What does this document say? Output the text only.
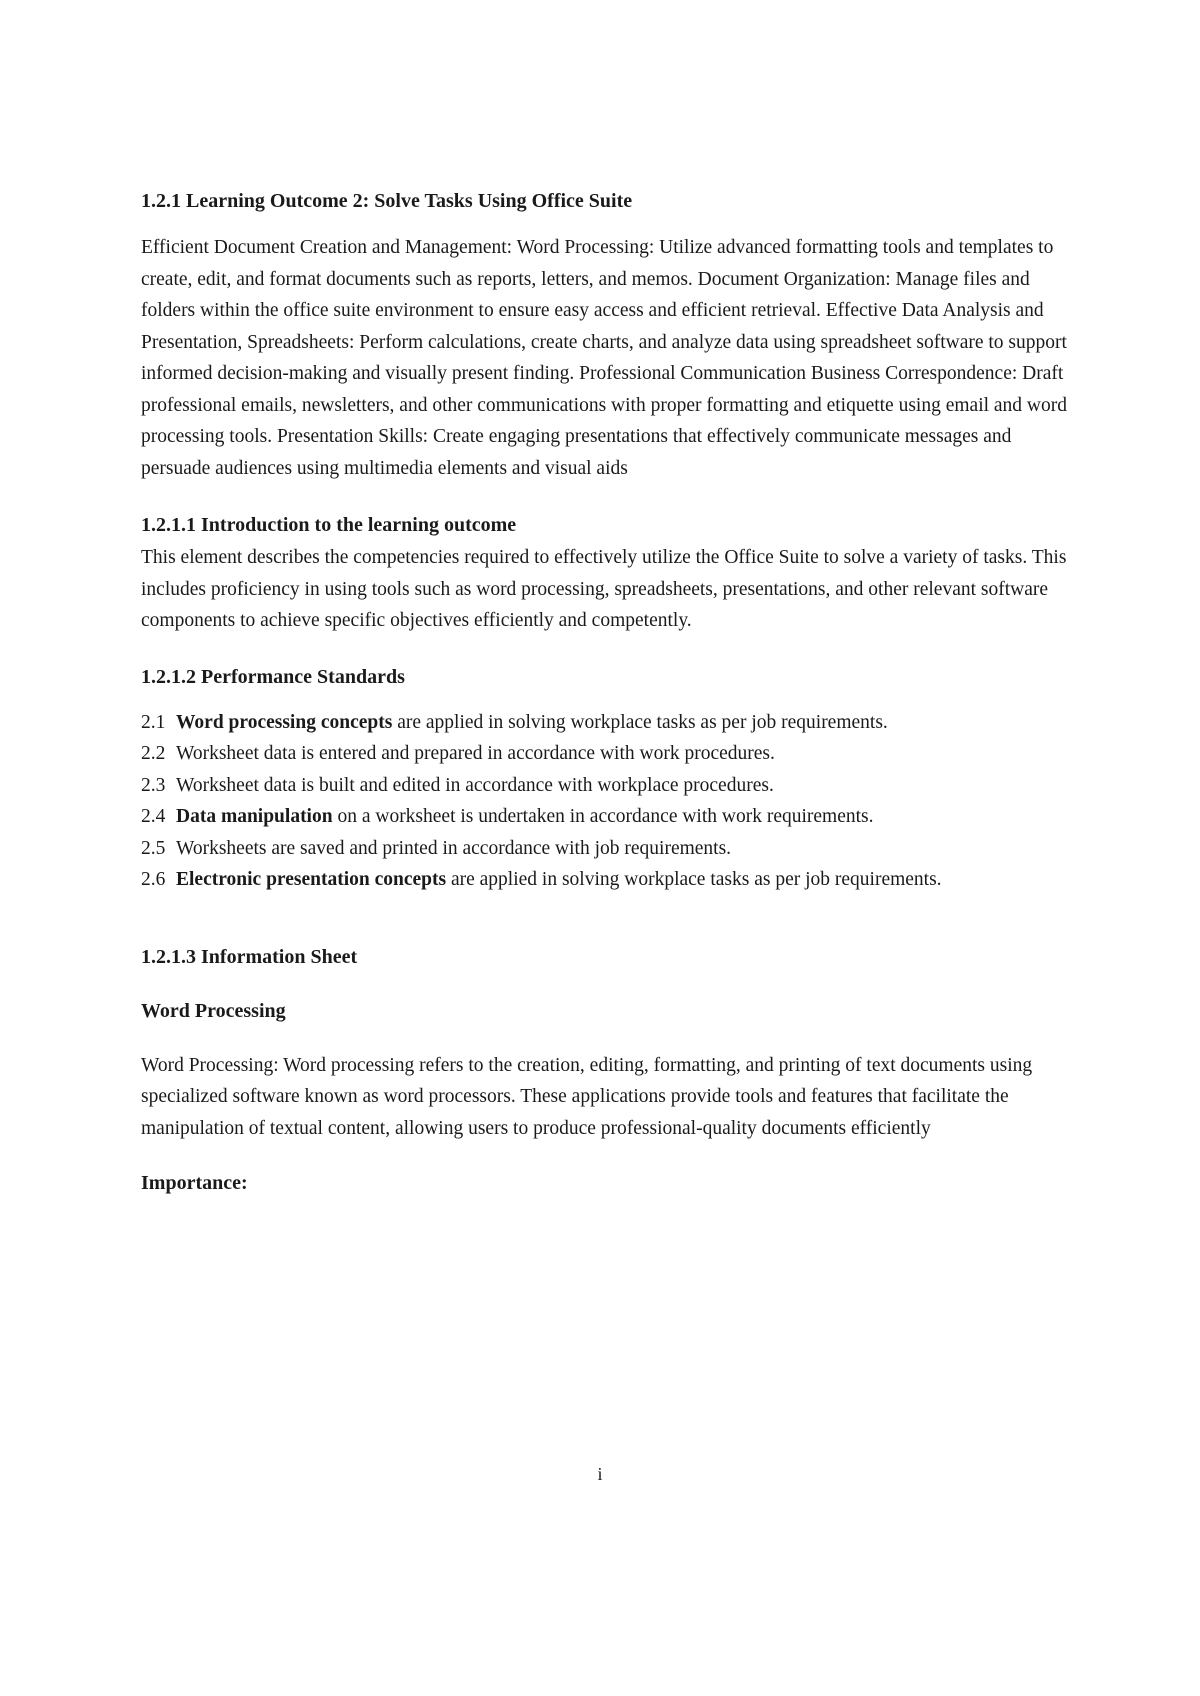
1.2.1 Learning Outcome 2: Solve Tasks Using Office Suite

Efficient Document Creation and Management: Word Processing: Utilize advanced formatting tools and templates to create, edit, and format documents such as reports, letters, and memos. Document Organization: Manage files and folders within the office suite environment to ensure easy access and efficient retrieval. Effective Data Analysis and Presentation, Spreadsheets: Perform calculations, create charts, and analyze data using spreadsheet software to support informed decision-making and visually present finding. Professional Communication Business Correspondence: Draft professional emails, newsletters, and other communications with proper formatting and etiquette using email and word processing tools. Presentation Skills: Create engaging presentations that effectively communicate messages and persuade audiences using multimedia elements and visual aids

1.2.1.1 Introduction to the learning outcome

This element describes the competencies required to effectively utilize the Office Suite to solve a variety of tasks. This includes proficiency in using tools such as word processing, spreadsheets, presentations, and other relevant software components to achieve specific objectives efficiently and competently.

1.2.1.2 Performance Standards
2.1 Word processing concepts are applied in solving workplace tasks as per job requirements.
2.2 Worksheet data is entered and prepared in accordance with work procedures.
2.3 Worksheet data is built and edited in accordance with workplace procedures.
2.4 Data manipulation on a worksheet is undertaken in accordance with work requirements.
2.5 Worksheets are saved and printed in accordance with job requirements.
2.6 Electronic presentation concepts are applied in solving workplace tasks as per job requirements.
1.2.1.3 Information Sheet
Word Processing

Word Processing: Word processing refers to the creation, editing, formatting, and printing of text documents using specialized software known as word processors. These applications provide tools and features that facilitate the manipulation of textual content, allowing users to produce professional-quality documents efficiently

Importance:
i
